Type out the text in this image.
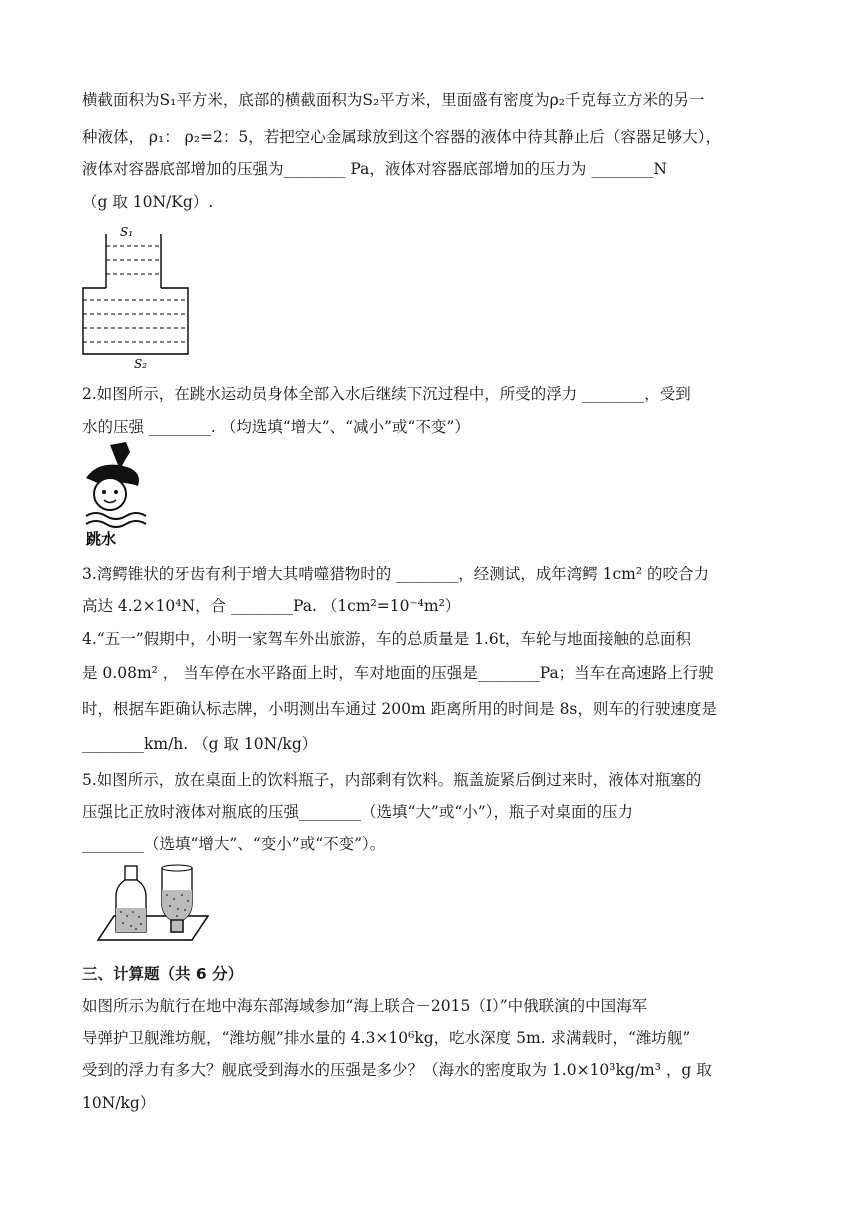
横截面积为S₁平方米，底部的横截面积为S₂平方米，里面盛有密度为ρ₂千克每立方米的另一
种液体， ρ₁： ρ₂=2：5，若把空心金属球放到这个容器的液体中待其静止后（容器足够大），
液体对容器底部增加的压强为________ Pa，液体对容器底部增加的压力为 ________N
（g 取 10N/Kg）.
S₁
S₂
2.如图所示，在跳水运动员身体全部入水后继续下沉过程中，所受的浮力 ________，受到
水的压强 ________. （均选填“增大”、“减小”或“不变”）
跳水
3.湾鳄锥状的牙齿有利于增大其啃噬猎物时的 ________，经测试，成年湾鳄 1cm² 的咬合力
高达 4.2×10⁴N，合 ________Pa. （1cm²=10⁻⁴m²）
4.“五一”假期中，小明一家驾车外出旅游，车的总质量是 1.6t，车轮与地面接触的总面积
是 0.08m² ， 当车停在水平路面上时，车对地面的压强是________Pa；当车在高速路上行驶
时，根据车距确认标志牌，小明测出车通过 200m 距离所用的时间是 8s，则车的行驶速度是
________km/h. （g 取 10N/kg）
5.如图所示，放在桌面上的饮料瓶子，内部剩有饮料。瓶盖旋紧后倒过来时，液体对瓶塞的
压强比正放时液体对瓶底的压强________（选填“大”或“小”），瓶子对桌面的压力
________（选填“增大”、“变小”或“不变”）。
三、计算题（共 6 分）
如图所示为航行在地中海东部海域参加“海上联合－2015（Ⅰ）”中俄联演的中国海军
导弹护卫舰潍坊舰，“潍坊舰”排水量的 4.3×10⁶kg，吃水深度 5m. 求满载时，“潍坊舰”
受到的浮力有多大？舰底受到海水的压强是多少？（海水的密度取为 1.0×10³kg/m³ ，g 取
10N/kg）
